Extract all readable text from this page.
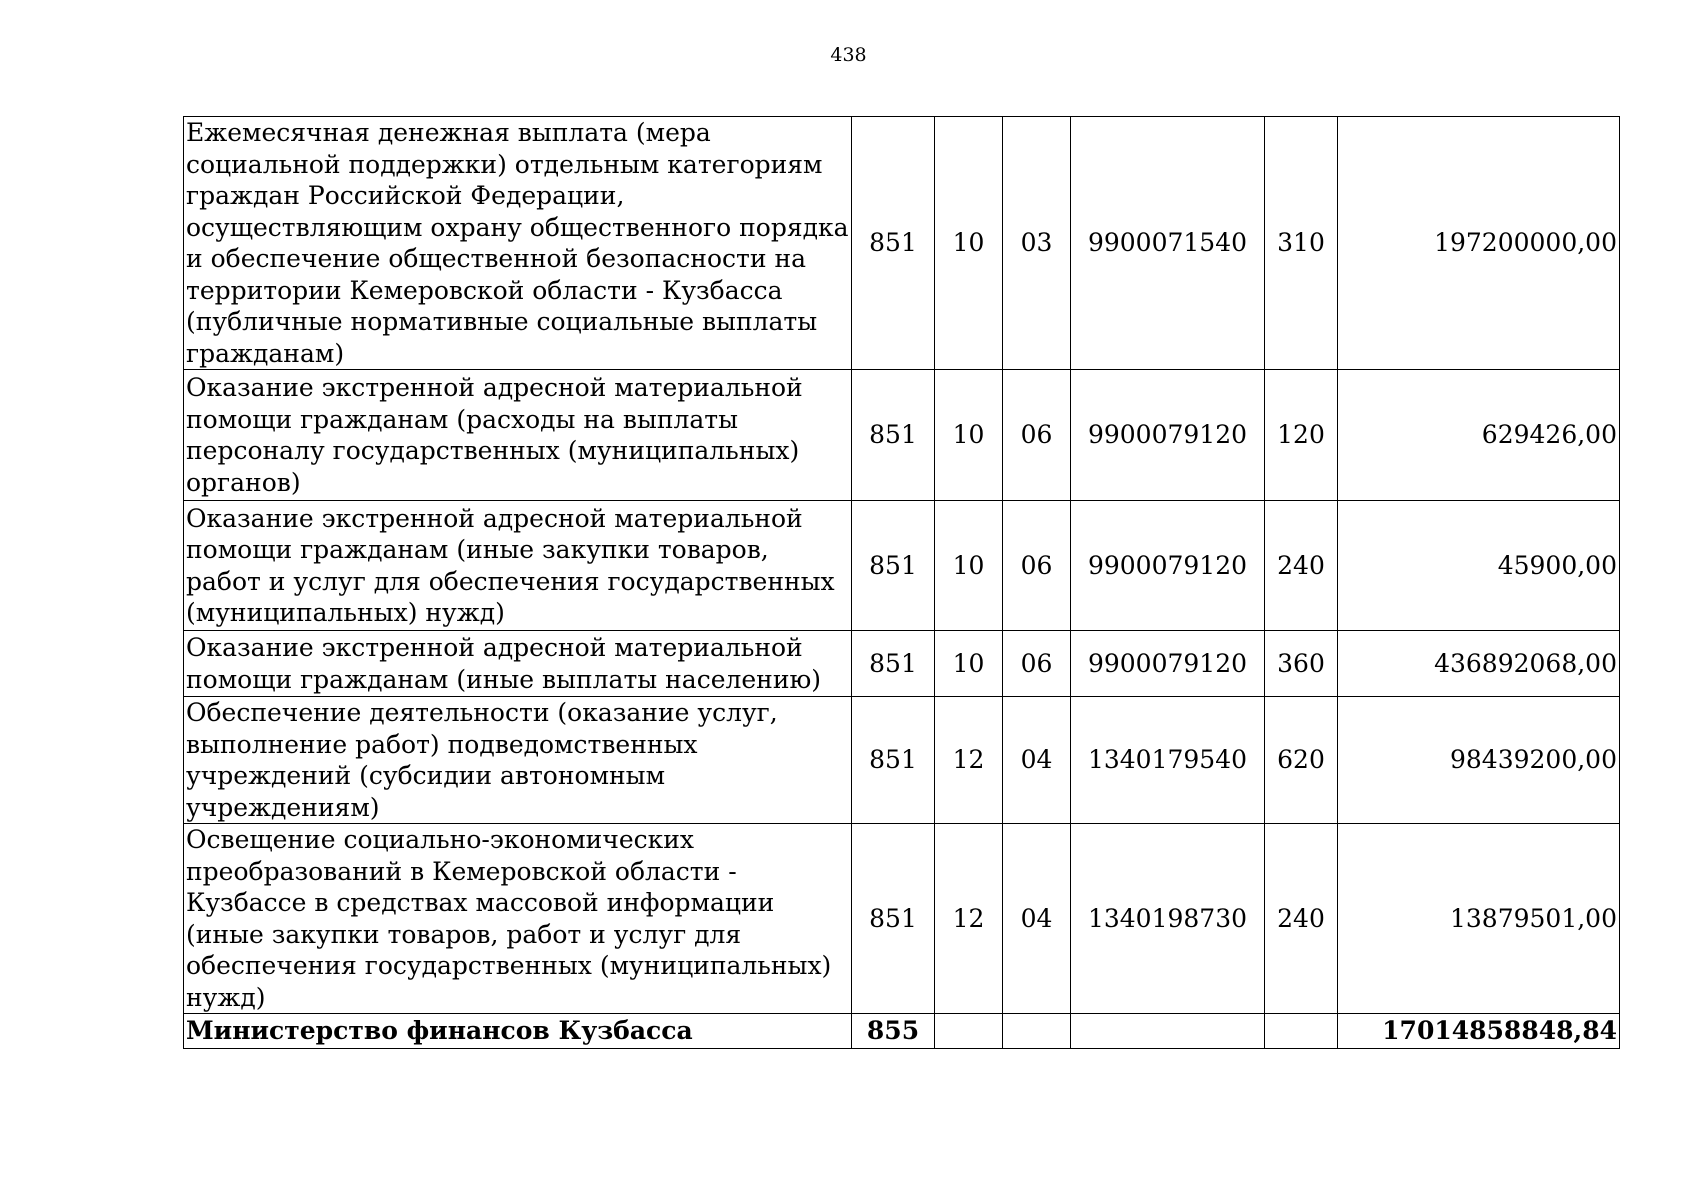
438
Ежемесячная денежная выплата (мера социальной поддержки) отдельным категориям граждан Российской Федерации, осуществляющим охрану общественного порядка и обеспечение общественной безопасности на территории Кемеровской области - Кузбасса (публичные нормативные социальные выплаты гражданам)	851	10	03	9900071540	310	197200000,00
Оказание экстренной адресной материальной помощи гражданам (расходы на выплаты персоналу государственных (муниципальных) органов)	851	10	06	9900079120	120	629426,00
Оказание экстренной адресной материальной помощи гражданам (иные закупки товаров, работ и услуг для обеспечения государственных (муниципальных) нужд)	851	10	06	9900079120	240	45900,00
Оказание экстренной адресной материальной помощи гражданам (иные выплаты населению)	851	10	06	9900079120	360	436892068,00
Обеспечение деятельности (оказание услуг, выполнение работ) подведомственных учреждений (субсидии автономным учреждениям)	851	12	04	1340179540	620	98439200,00
Освещение социально-экономических преобразований в Кемеровской области - Кузбассе в средствах массовой информации (иные закупки товаров, работ и услуг для обеспечения государственных (муниципальных) нужд)	851	12	04	1340198730	240	13879501,00
Министерство финансов Кузбасса	855					17014858848,84
